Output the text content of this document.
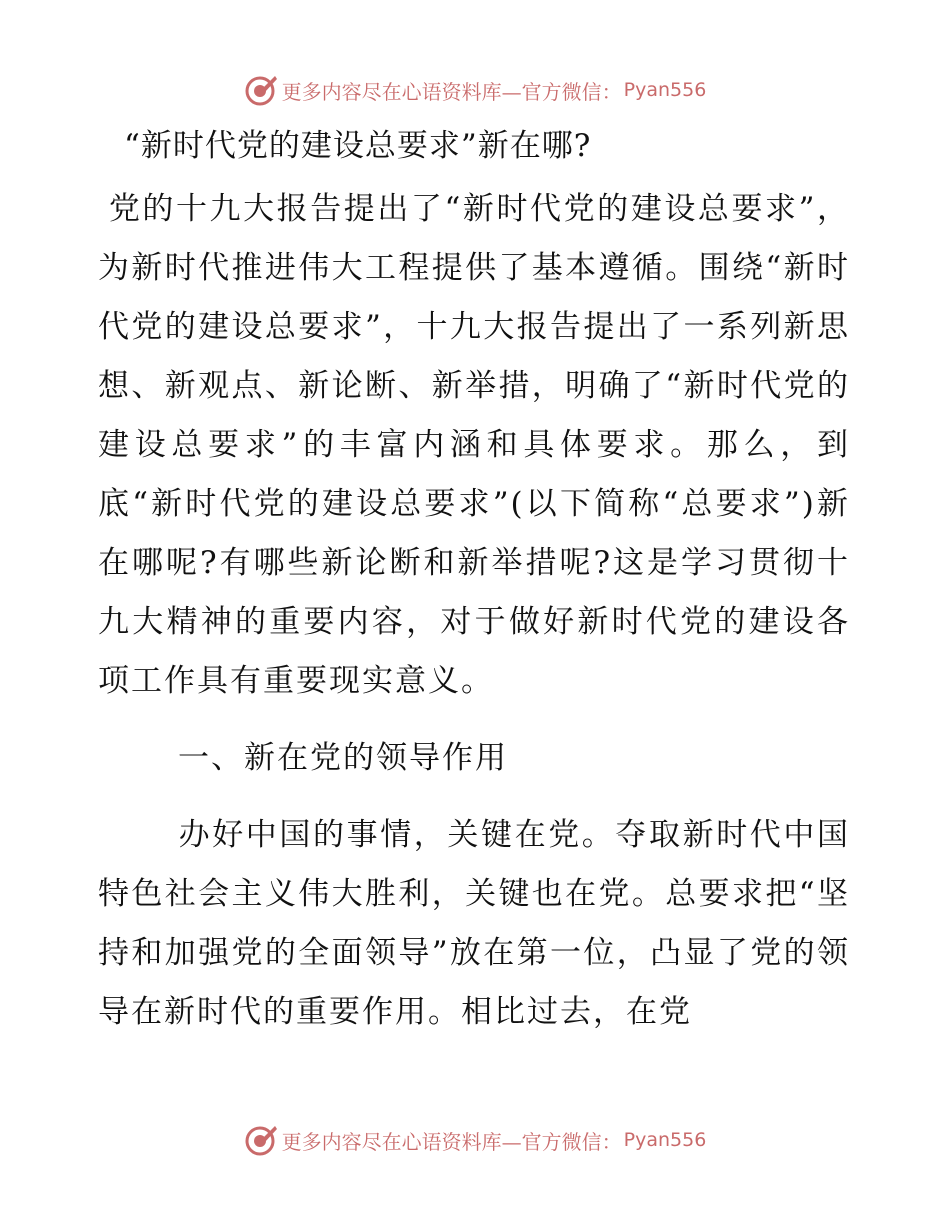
更多内容尽在心语资料库—官方微信： Pyan556
“新时代党的建设总要求”新在哪?

党的十九大报告提出了“新时代党的建设总要求”，为新时代推进伟大工程提供了基本遵循。围绕“新时代党的建设总要求”，十九大报告提出了一系列新思想、新观点、新论断、新举措，明确了“新时代党的建设总要求”的丰富内涵和具体要求。那么，到底“新时代党的建设总要求”(以下简称“总要求”)新在哪呢?有哪些新论断和新举措呢?这是学习贯彻十九大精神的重要内容，对于做好新时代党的建设各项工作具有重要现实意义。

一、新在党的领导作用

办好中国的事情，关键在党。夺取新时代中国特色社会主义伟大胜利，关键也在党。总要求把“坚持和加强党的全面领导”放在第一位，凸显了党的领导在新时代的重要作用。相比过去，在党

更多内容尽在心语资料库—官方微信： Pyan556
